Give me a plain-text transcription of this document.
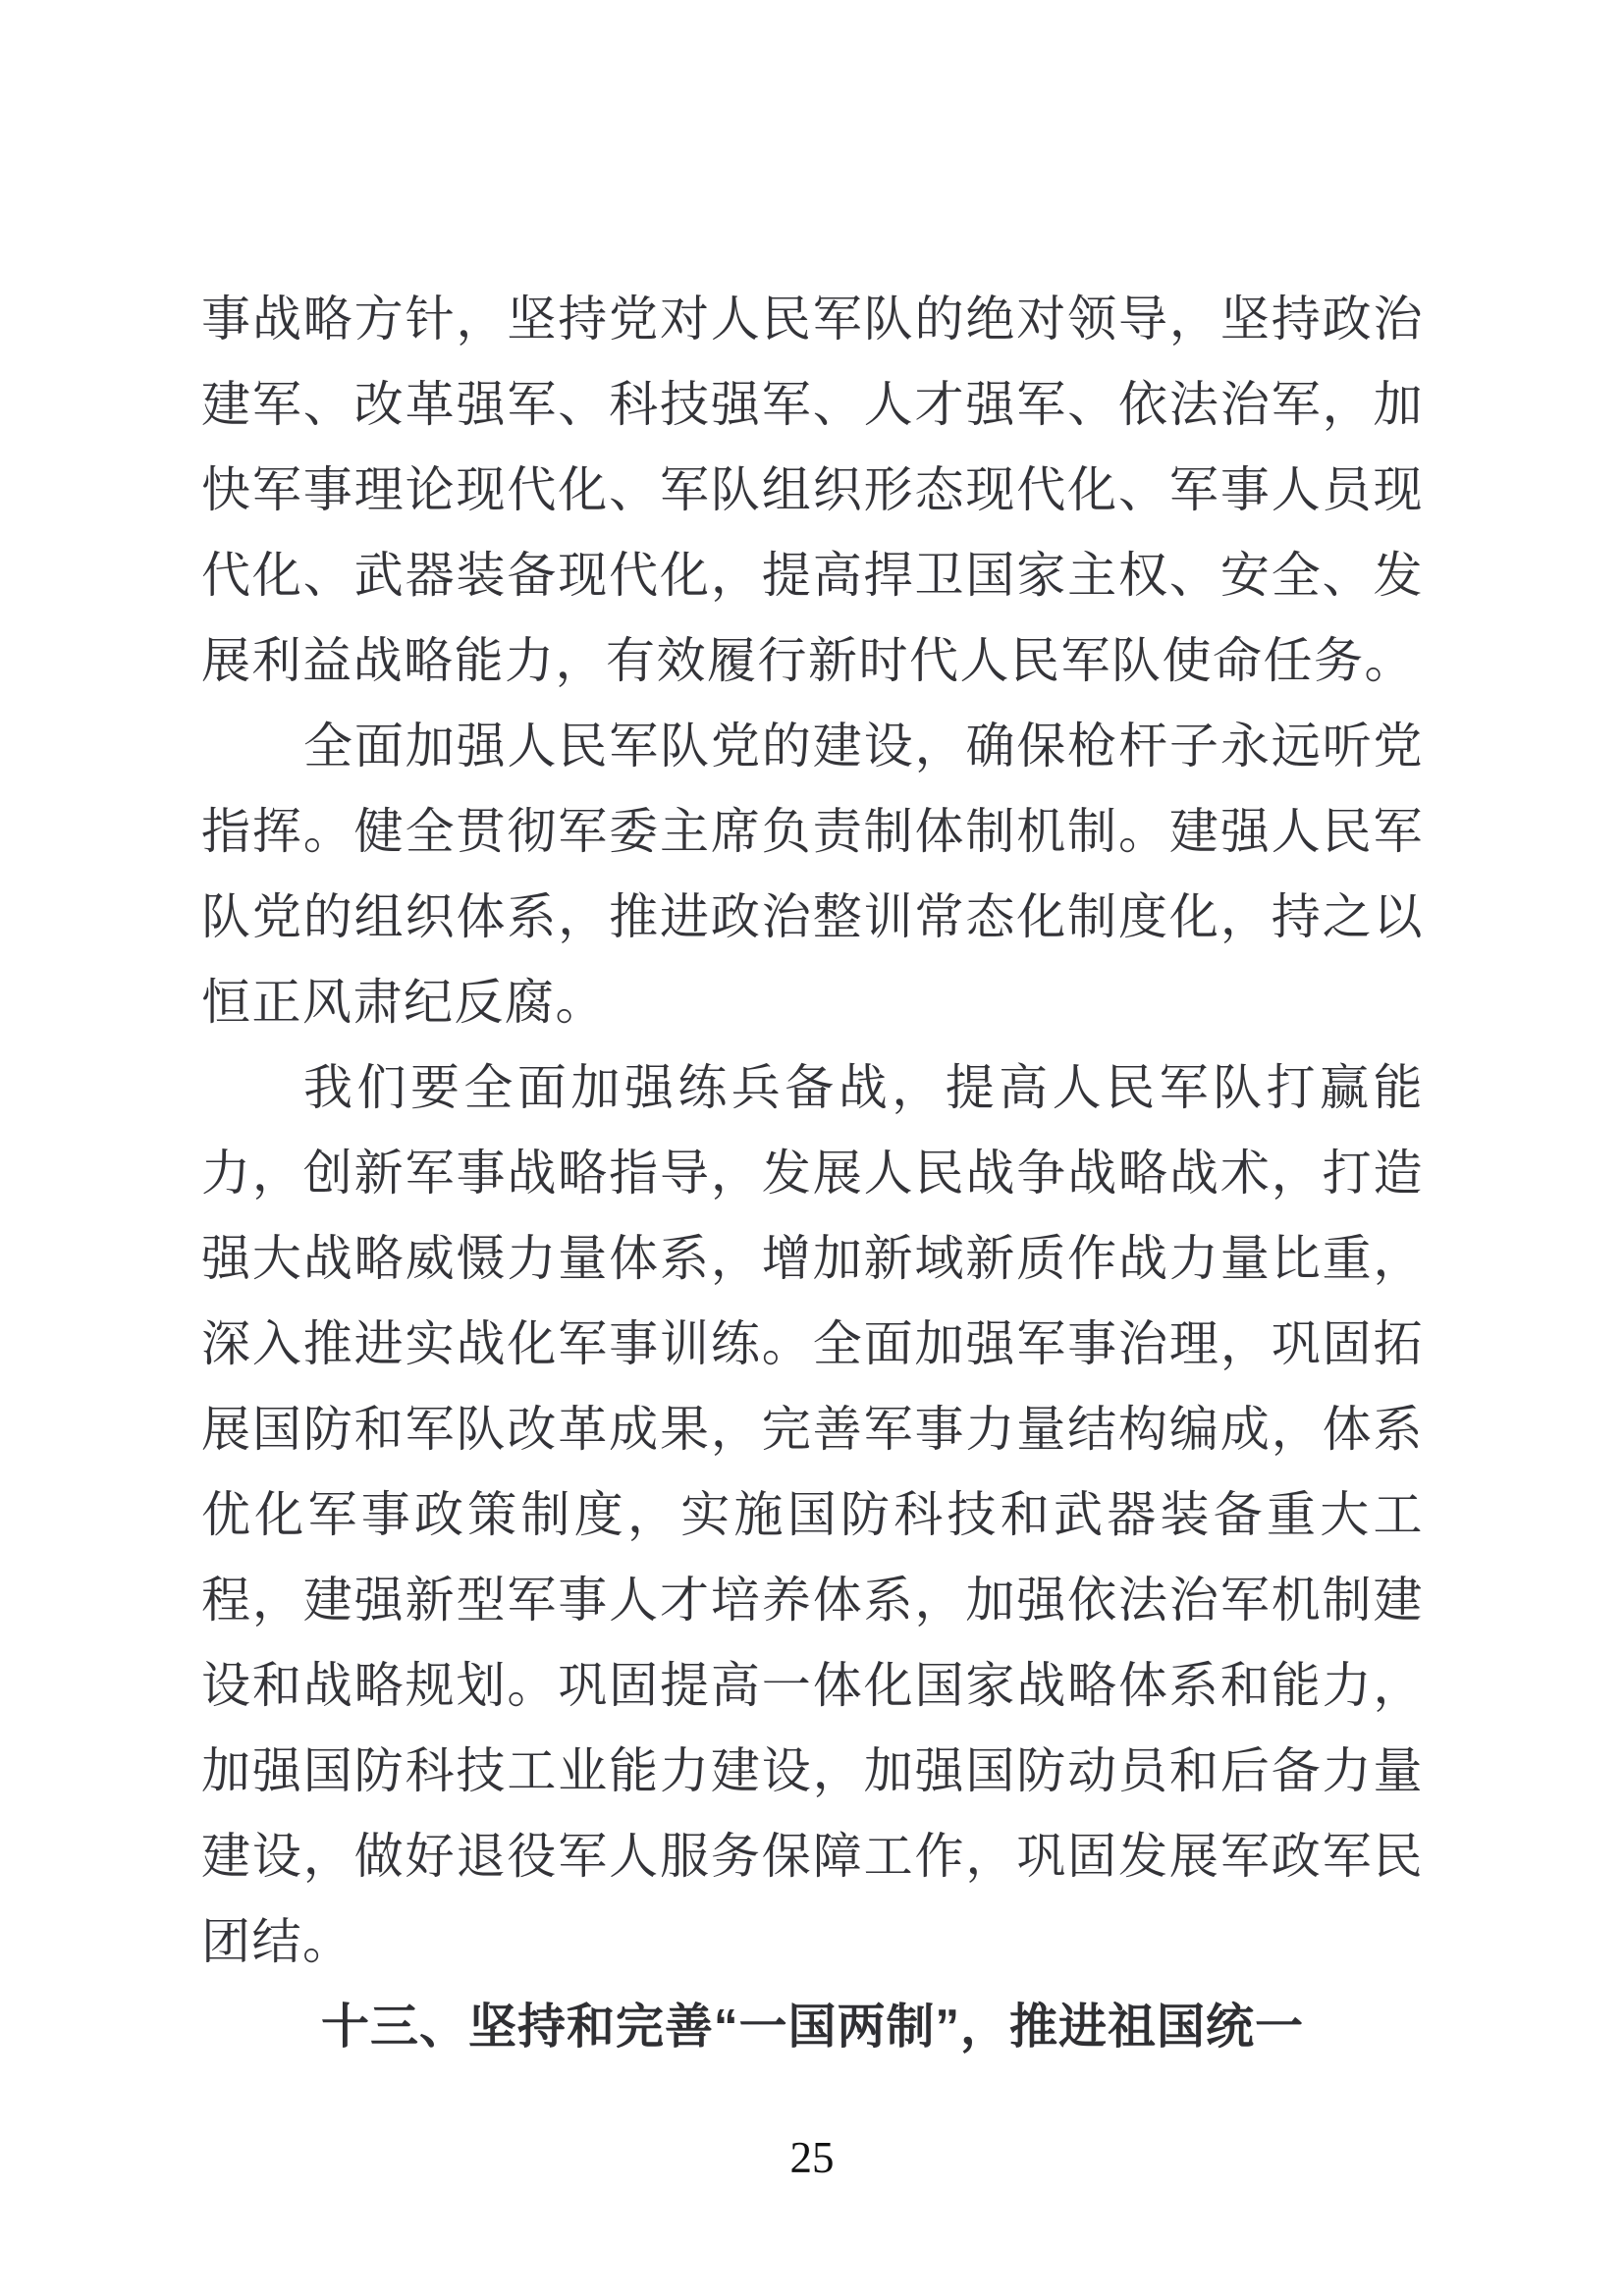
事战略方针，坚持党对人民军队的绝对领导，坚持政治建军、改革强军、科技强军、人才强军、依法治军，加快军事理论现代化、军队组织形态现代化、军事人员现代化、武器装备现代化，提高捍卫国家主权、安全、发展利益战略能力，有效履行新时代人民军队使命任务。

全面加强人民军队党的建设，确保枪杆子永远听党指挥。健全贯彻军委主席负责制体制机制。建强人民军队党的组织体系，推进政治整训常态化制度化，持之以恒正风肃纪反腐。

我们要全面加强练兵备战，提高人民军队打赢能力，创新军事战略指导，发展人民战争战略战术，打造强大战略威慑力量体系，增加新域新质作战力量比重，深入推进实战化军事训练。全面加强军事治理，巩固拓展国防和军队改革成果，完善军事力量结构编成，体系优化军事政策制度，实施国防科技和武器装备重大工程，建强新型军事人才培养体系，加强依法治军机制建设和战略规划。巩固提高一体化国家战略体系和能力，加强国防科技工业能力建设，加强国防动员和后备力量建设，做好退役军人服务保障工作，巩固发展军政军民团结。

十三、坚持和完善“一国两制”，推进祖国统一

25
